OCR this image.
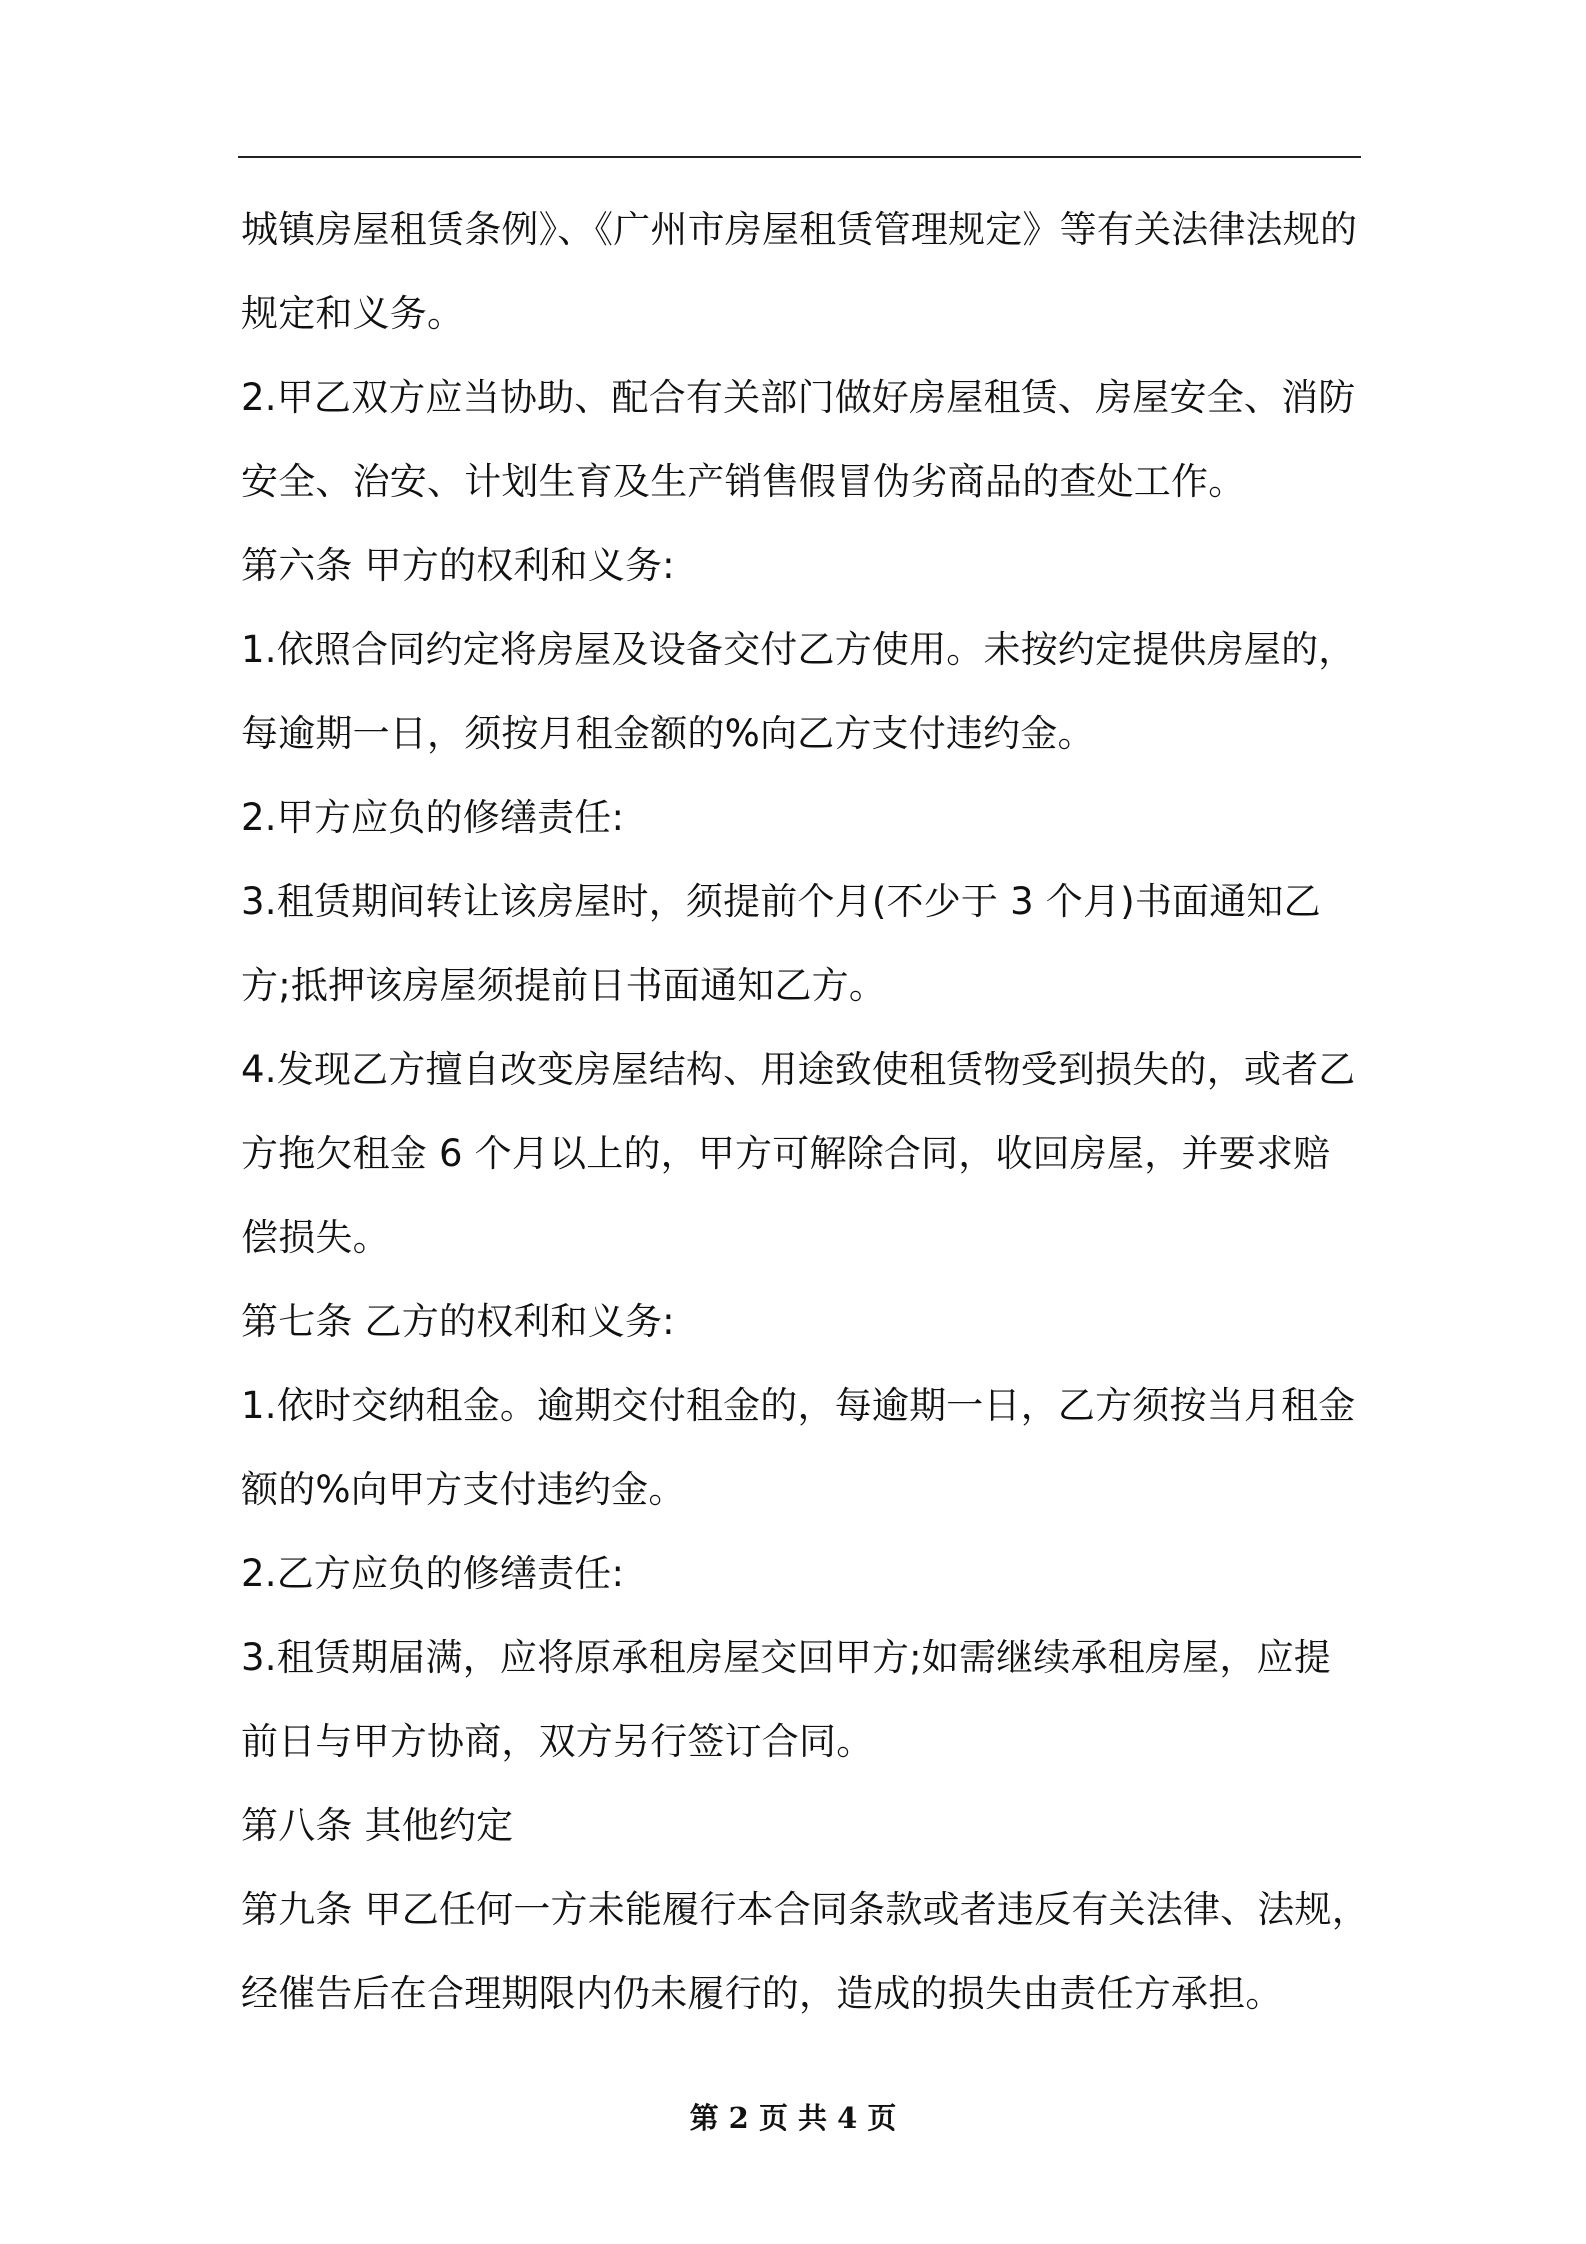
城镇房屋租赁条例》、《广州市房屋租赁管理规定》等有关法律法规的
规定和义务。
2.甲乙双方应当协助、配合有关部门做好房屋租赁、房屋安全、消防
安全、治安、计划生育及生产销售假冒伪劣商品的查处工作。
第六条 甲方的权利和义务:
1.依照合同约定将房屋及设备交付乙方使用。未按约定提供房屋的，
每逾期一日，须按月租金额的%向乙方支付违约金。
2.甲方应负的修缮责任:
3.租赁期间转让该房屋时，须提前个月(不少于 3 个月)书面通知乙
方;抵押该房屋须提前日书面通知乙方。
4.发现乙方擅自改变房屋结构、用途致使租赁物受到损失的，或者乙
方拖欠租金 6 个月以上的，甲方可解除合同，收回房屋，并要求赔
偿损失。
第七条 乙方的权利和义务:
1.依时交纳租金。逾期交付租金的，每逾期一日，乙方须按当月租金
额的%向甲方支付违约金。
2.乙方应负的修缮责任:
3.租赁期届满，应将原承租房屋交回甲方;如需继续承租房屋，应提
前日与甲方协商，双方另行签订合同。
第八条 其他约定
第九条 甲乙任何一方未能履行本合同条款或者违反有关法律、法规，
经催告后在合理期限内仍未履行的，造成的损失由责任方承担。
第 2 页 共 4 页
